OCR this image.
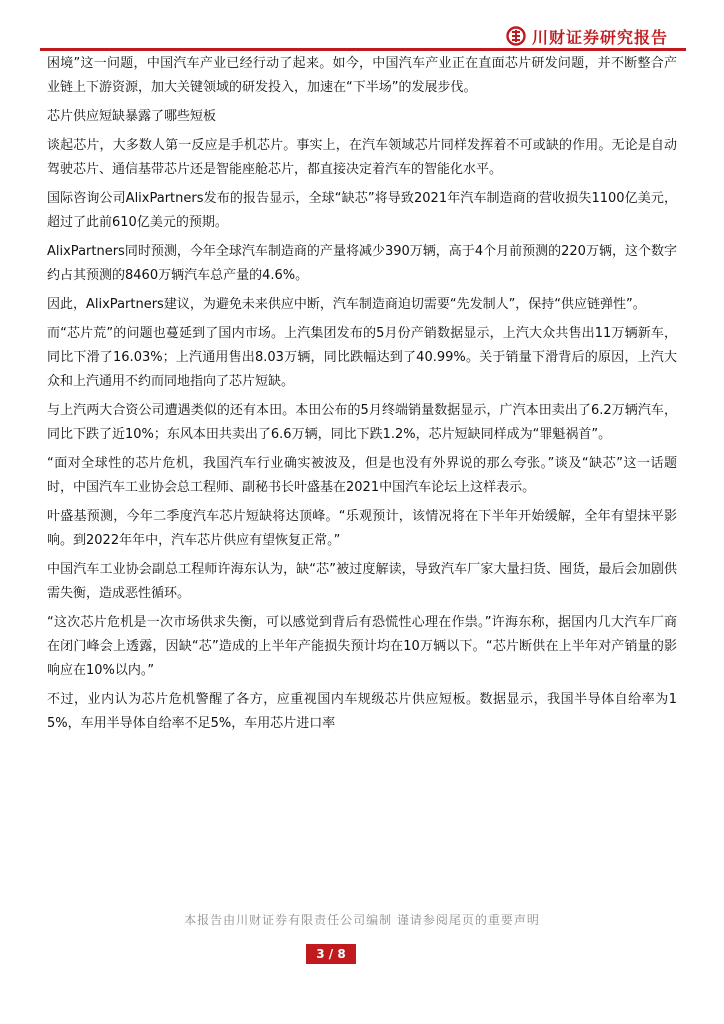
川财证券研究报告

困境”这一问题，中国汽车产业已经行动了起来。如今，中国汽车产业正在直面芯片研发问题，并不断整合产业链上下游资源，加大关键领域的研发投入，加速在“下半场”的发展步伐。

芯片供应短缺暴露了哪些短板

谈起芯片，大多数人第一反应是手机芯片。事实上，在汽车领域芯片同样发挥着不可或缺的作用。无论是自动驾驶芯片、通信基带芯片还是智能座舱芯片，都直接决定着汽车的智能化水平。

国际咨询公司AlixPartners发布的报告显示，全球“缺芯”将导致2021年汽车制造商的营收损失1100亿美元，超过了此前610亿美元的预期。

AlixPartners同时预测，今年全球汽车制造商的产量将减少390万辆，高于4个月前预测的220万辆，这个数字约占其预测的8460万辆汽车总产量的4.6%。

因此，AlixPartners建议，为避免未来供应中断，汽车制造商迫切需要“先发制人”，保持“供应链弹性”。

而“芯片荒”的问题也蔓延到了国内市场。上汽集团发布的5月份产销数据显示，上汽大众共售出11万辆新车，同比下滑了16.03%；上汽通用售出8.03万辆，同比跌幅达到了40.99%。关于销量下滑背后的原因，上汽大众和上汽通用不约而同地指向了芯片短缺。

与上汽两大合资公司遭遇类似的还有本田。本田公布的5月终端销量数据显示，广汽本田卖出了6.2万辆汽车，同比下跌了近10%；东风本田共卖出了6.6万辆，同比下跌1.2%，芯片短缺同样成为“罪魁祸首”。

“面对全球性的芯片危机，我国汽车行业确实被波及，但是也没有外界说的那么夸张。”谈及“缺芯”这一话题时，中国汽车工业协会总工程师、副秘书长叶盛基在2021中国汽车论坛上这样表示。

叶盛基预测，今年二季度汽车芯片短缺将达顶峰。“乐观预计，该情况将在下半年开始缓解，全年有望抹平影响。到2022年年中，汽车芯片供应有望恢复正常。”

中国汽车工业协会副总工程师许海东认为，缺“芯”被过度解读，导致汽车厂家大量扫货、囤货，最后会加剧供需失衡，造成恶性循环。

“这次芯片危机是一次市场供求失衡，可以感觉到背后有恐慌性心理在作祟。”许海东称，据国内几大汽车厂商在闭门峰会上透露，因缺“芯”造成的上半年产能损失预计均在10万辆以下。“芯片断供在上半年对产销量的影响应在10%以内。”

不过，业内认为芯片危机警醒了各方，应重视国内车规级芯片供应短板。数据显示，我国半导体自给率为15%，车用半导体自给率不足5%，车用芯片进口率

本报告由川财证券有限责任公司编制 谨请参阅尾页的重要声明
3 / 8
